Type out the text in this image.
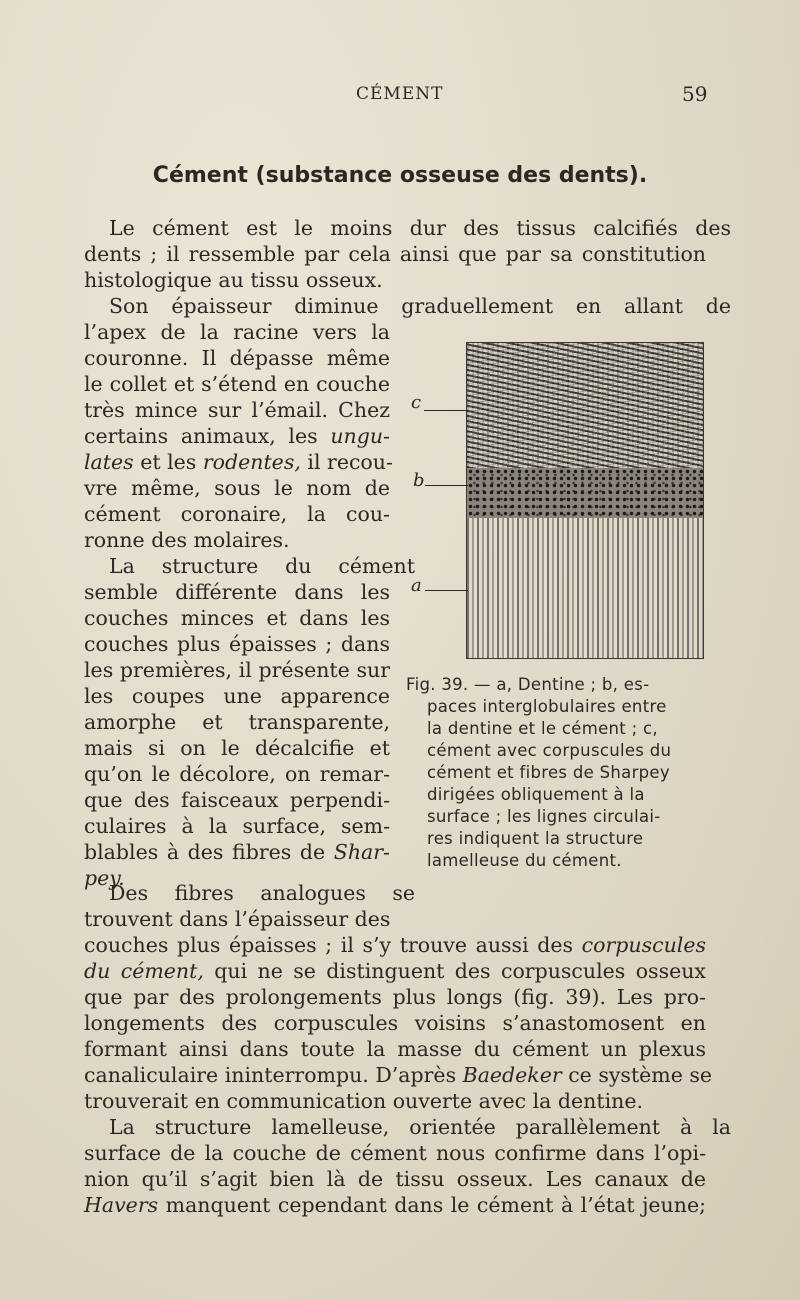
CÉMENT	59
Cément (substance osseuse des dents).
Le cément est le moins dur des tissus calcifiés des
dents ; il ressemble par cela ainsi que par sa constitution
histologique au tissu osseux.
Son épaisseur diminue graduellement en allant de
l’apex de la racine vers la
couronne. Il dépasse même
le collet et s’étend en couche
très mince sur l’émail. Chez
certains animaux, les ungu-
lates et les rodentes, il recou-
vre même, sous le nom de
cément coronaire, la cou-
ronne des molaires.
La structure du cément
semble différente dans les
couches minces et dans les
couches plus épaisses ; dans
les premières, il présente sur
les coupes une apparence
amorphe et transparente,
mais si on le décalcifie et
qu’on le décolore, on remar-
que des faisceaux perpendi-
culaires à la surface, sem-
blables à des fibres de Shar-
pey.
Des fibres analogues se
trouvent dans l’épaisseur des
couches plus épaisses ; il s’y trouve aussi des corpuscules
du cément, qui ne se distinguent des corpuscules osseux
que par des prolongements plus longs (fig. 39). Les pro-
longements des corpuscules voisins s’anastomosent en
formant ainsi dans toute la masse du cément un plexus
canaliculaire ininterrompu. D’après Baedeker ce système se
trouverait en communication ouverte avec la dentine.
La structure lamelleuse, orientée parallèlement à la
surface de la couche de cément nous confirme dans l’opi-
nion qu’il s’agit bien là de tissu osseux. Les canaux de
Havers manquent cependant dans le cément à l’état jeune;
c
b
a
Fig. 39. — a, Dentine ; b, es-
paces interglobulaires entre
la dentine et le cément ; c,
cément avec corpuscules du
cément et fibres de Sharpey
dirigées obliquement à la
surface ; les lignes circulai-
res indiquent la structure
lamelleuse du cément.
